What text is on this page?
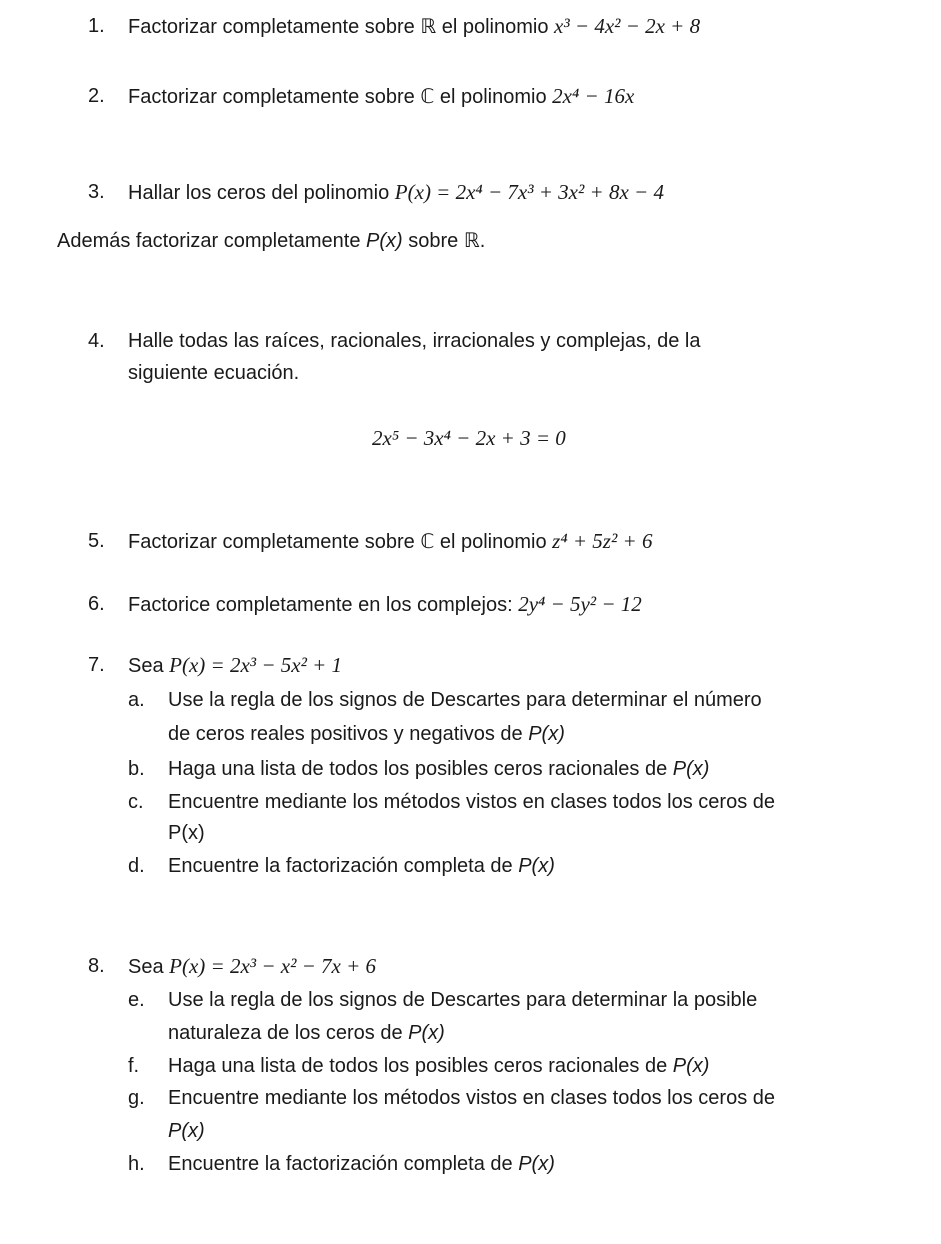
1. Factorizar completamente sobre ℝ el polinomio x³ − 4x² − 2x + 8
2. Factorizar completamente sobre ℂ el polinomio 2x⁴ − 16x
3. Hallar los ceros del polinomio P(x) = 2x⁴ − 7x³ + 3x² + 8x − 4
Además factorizar completamente P(x) sobre ℝ.
4. Halle todas las raíces, racionales, irracionales y complejas, de la
siguiente ecuación.
2x⁵ − 3x⁴ − 2x + 3 = 0
5. Factorizar completamente sobre ℂ el polinomio z⁴ + 5z² + 6
6. Factorice completamente en los complejos: 2y⁴ − 5y² − 12
7. Sea P(x) = 2x³ − 5x² + 1
a. Use la regla de los signos de Descartes para determinar el número
de ceros reales positivos y negativos de P(x)
b. Haga una lista de todos los posibles ceros racionales de P(x)
c. Encuentre mediante los métodos vistos en clases todos los ceros de
P(x)
d. Encuentre la factorización completa de P(x)
8. Sea P(x) = 2x³ − x² − 7x + 6
e. Use la regla de los signos de Descartes para determinar la posible
naturaleza de los ceros de P(x)
f. Haga una lista de todos los posibles ceros racionales de P(x)
g. Encuentre mediante los métodos vistos en clases todos los ceros de
P(x)
h. Encuentre la factorización completa de P(x)
